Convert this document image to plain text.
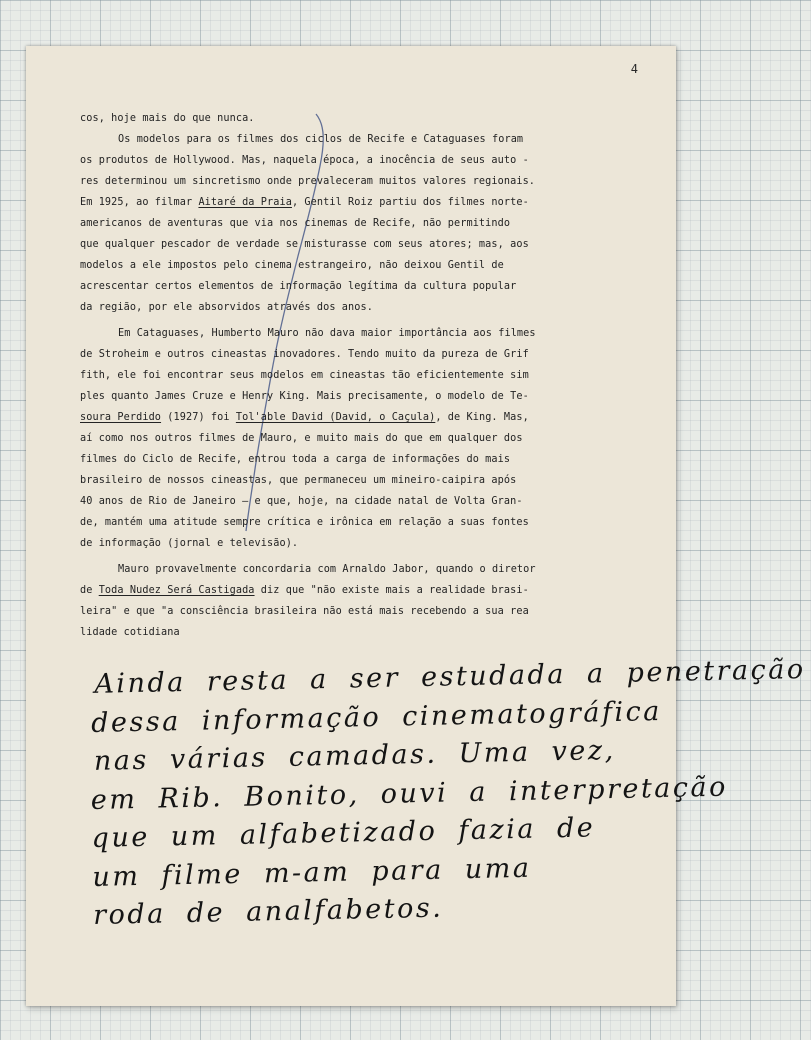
4
cos, hoje mais do que nunca.
Os modelos para os filmes dos ciclos de Recife e Cataguases foram
os produtos de Hollywood. Mas, naquela época, a inocência de seus auto -
res determinou um sincretismo onde prevaleceram muitos valores regionais.
Em 1925, ao filmar Aitaré da Praia, Gentil Roiz partiu dos filmes norte-
americanos de aventuras que via nos cinemas de Recife, não permitindo
que qualquer pescador de verdade se misturasse com seus atores; mas, aos
modelos a ele impostos pelo cinema estrangeiro, não deixou Gentil de
acrescentar certos elementos de informação legítima da cultura popular
da região, por ele absorvidos através dos anos.
Em Cataguases, Humberto Mauro não dava maior importância aos filmes
de Stroheim e outros cineastas inovadores. Tendo muito da pureza de Grif
fith, ele foi encontrar seus modelos em cineastas tão eficientemente sim
ples quanto James Cruze e Henry King. Mais precisamente, o modelo de Te-
soura Perdido (1927) foi Tol'able David (David, o Caçula), de King. Mas,
aí como nos outros filmes de Mauro, e muito mais do que em qualquer dos
filmes do Ciclo de Recife, entrou toda a carga de informações do mais
brasileiro de nossos cineastas, que permaneceu um mineiro-caipira após
40 anos de Rio de Janeiro — e que, hoje, na cidade natal de Volta Gran-
de, mantém uma atitude sempre crítica e irônica em relação a suas fontes
de informação (jornal e televisão).
Mauro provavelmente concordaria com Arnaldo Jabor, quando o diretor
de Toda Nudez Será Castigada diz que "não existe mais a realidade brasi-
leira" e que "a consciência brasileira não está mais recebendo a sua rea
lidade cotidiana
Ainda resta a ser estudada a penetração
dessa informação cinematográfica
nas várias camadas. Uma vez,
em Rib. Bonito, ouvi a interpretação
que um alfabetizado fazia de
um filme m-am para uma
roda de analfabetos.
